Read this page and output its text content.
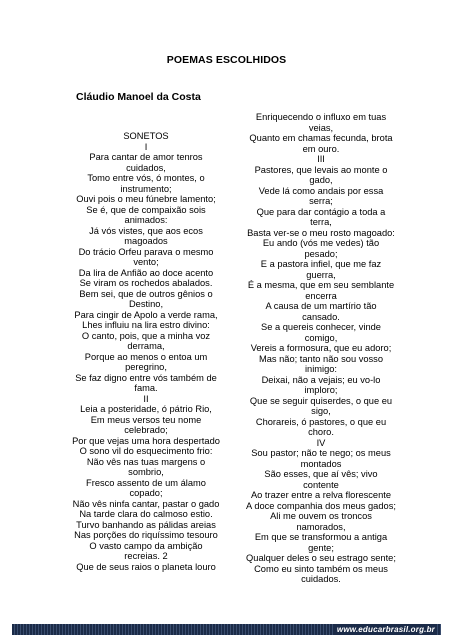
POEMAS ESCOLHIDOS
Cláudio Manoel da Costa
SONETOS
I
Para cantar de amor tenros
cuidados,
Tomo entre vós, ó montes, o
instrumento;
Ouvi pois o meu fúnebre lamento;
Se é, que de compaixão sois
animados:
Já vós vistes, que aos ecos
magoados
Do trácio Orfeu parava o mesmo
vento;
Da lira de Anfião ao doce acento
Se viram os rochedos abalados.
Bem sei, que de outros gênios o
Destino,
Para cingir de Apolo a verde rama,
Lhes influiu na lira estro divino:
O canto, pois, que a minha voz
derrama,
Porque ao menos o entoa um
peregrino,
Se faz digno entre vós também de
fama.
II
Leia a posteridade, ó pátrio Rio,
Em meus versos teu nome
celebrado;
Por que vejas uma hora despertado
O sono vil do esquecimento frio:
Não vês nas tuas margens o
sombrio,
Fresco assento de um álamo
copado;
Não vês ninfa cantar, pastar o gado
Na tarde clara do calmoso estio.
Turvo banhando as pálidas areias
Nas porções do riquíssimo tesouro
O vasto campo da ambição
recreias. 2
Que de seus raios o planeta louro
Enriquecendo o influxo em tuas
veias,
Quanto em chamas fecunda, brota
em ouro.
III
Pastores, que levais ao monte o
gado,
Vede lá como andais por essa
serra;
Que para dar contágio a toda a
terra,
Basta ver-se o meu rosto magoado:
Eu ando (vós me vedes) tão
pesado;
E a pastora infiel, que me faz
guerra,
É a mesma, que em seu semblante
encerra
A causa de um martírio tão
cansado.
Se a quereis conhecer, vinde
comigo,
Vereis a formosura, que eu adoro;
Mas não; tanto não sou vosso
inimigo:
Deixai, não a vejais; eu vo-lo
imploro;
Que se seguir quiserdes, o que eu
sigo,
Chorareis, ó pastores, o que eu
choro.
IV
Sou pastor; não te nego; os meus
montados
São esses, que aí vês; vivo
contente
Ao trazer entre a relva florescente
A doce companhia dos meus gados;
Ali me ouvem os troncos
namorados,
Em que se transformou a antiga
gente;
Qualquer deles o seu estrago sente;
Como eu sinto também os meus
cuidados.
www.educarbrasil.org.br
